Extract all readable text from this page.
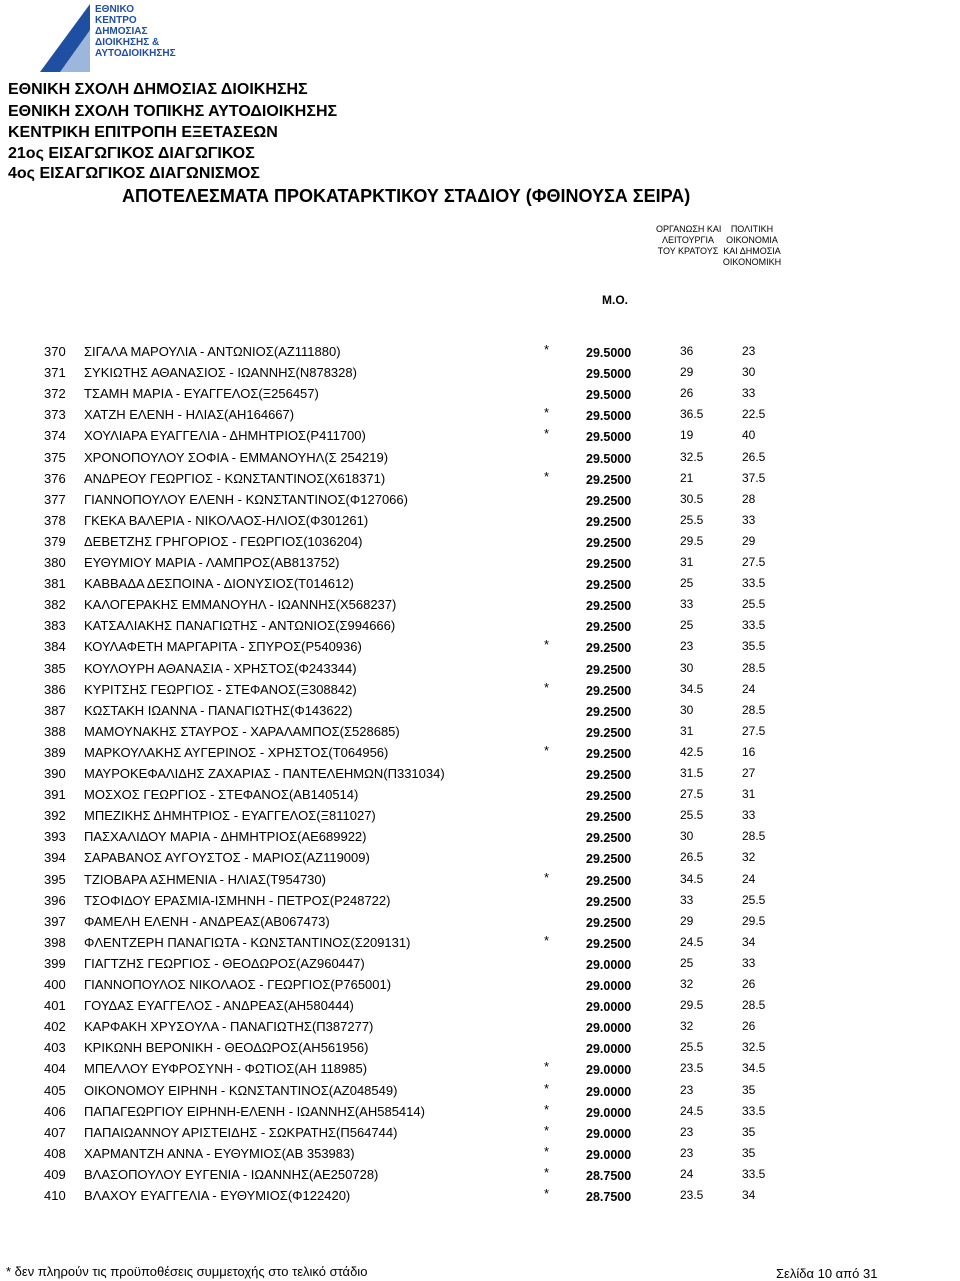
ΕΘΝΙΚΟ
ΚΕΝΤΡΟ
ΔΗΜΟΣΙΑΣ
ΔΙΟΙΚΗΣΗΣ &
ΑΥΤΟΔΙΟΙΚΗΣΗΣ
ΕΘΝΙΚΗ ΣΧΟΛΗ ΔΗΜΟΣΙΑΣ ΔΙΟΙΚΗΣΗΣ
ΕΘΝΙΚΗ ΣΧΟΛΗ ΤΟΠΙΚΗΣ ΑΥΤΟΔΙΟΙΚΗΣΗΣ
ΚΕΝΤΡΙΚΗ ΕΠΙΤΡΟΠΗ ΕΞΕΤΑΣΕΩΝ
21ος ΕΙΣΑΓΩΓΙΚΟΣ ΔΙΑΓΩΓΙΚΟΣ
4ος ΕΙΣΑΓΩΓΙΚΟΣ ΔΙΑΓΩΝΙΣΜΟΣ
ΑΠΟΤΕΛΕΣΜΑΤΑ ΠΡΟΚΑΤΑΡΚΤΙΚΟΥ ΣΤΑΔΙΟΥ (ΦΘΙΝΟΥΣΑ ΣΕΙΡΑ)
ΟΡΓΑΝΩΣΗ ΚΑΙ
ΛΕΙΤΟΥΡΓΙΑ
ΤΟΥ ΚΡΑΤΟΥΣ
ΠΟΛΙΤΙΚΗ
ΟΙΚΟΝΟΜΙΑ
ΚΑΙ ΔΗΜΟΣΙΑ
ΟΙΚΟΝΟΜΙΚΗ
Μ.Ο.
370 ΣΙΓΑΛΑ ΜΑΡΟΥΛΙΑ - ΑΝΤΩΝΙΟΣ(ΑΖ111880)	*	29.5000	36	23
371 ΣΥΚΙΩΤΗΣ ΑΘΑΝΑΣΙΟΣ - ΙΩΑΝΝΗΣ(Ν878328)	29.5000	29	30
372 ΤΣΑΜΗ ΜΑΡΙΑ - ΕΥΑΓΓΕΛΟΣ(Ξ256457)	29.5000	26	33
373 ΧΑΤΖΗ ΕΛΕΝΗ - ΗΛΙΑΣ(ΑΗ164667)	*	29.5000	36.5	22.5
374 ΧΟΥΛΙΑΡΑ ΕΥΑΓΓΕΛΙΑ - ΔΗΜΗΤΡΙΟΣ(Ρ411700)	*	29.5000	19	40
375 ΧΡΟΝΟΠΟΥΛΟΥ ΣΟΦΙΑ - ΕΜΜΑΝΟΥΗΛ(Σ 254219)	29.5000	32.5	26.5
376 ΑΝΔΡΕΟΥ ΓΕΩΡΓΙΟΣ - ΚΩΝΣΤΑΝΤΙΝΟΣ(Χ618371)	*	29.2500	21	37.5
377 ΓΙΑΝΝΟΠΟΥΛΟΥ ΕΛΕΝΗ - ΚΩΝΣΤΑΝΤΙΝΟΣ(Φ127066)	29.2500	30.5	28
378 ΓΚΕΚΑ ΒΑΛΕΡΙΑ - ΝΙΚΟΛΑΟΣ-ΗΛΙΟΣ(Φ301261)	29.2500	25.5	33
379 ΔΕΒΕΤΖΗΣ ΓΡΗΓΟΡΙΟΣ - ΓΕΩΡΓΙΟΣ(1036204)	29.2500	29.5	29
380 ΕΥΘΥΜΙΟΥ ΜΑΡΙΑ - ΛΑΜΠΡΟΣ(ΑΒ813752)	29.2500	31	27.5
381 ΚΑΒΒΑΔΑ ΔΕΣΠΟΙΝΑ - ΔΙΟΝΥΣΙΟΣ(Τ014612)	29.2500	25	33.5
382 ΚΑΛΟΓΕΡΑΚΗΣ ΕΜΜΑΝΟΥΗΛ - ΙΩΑΝΝΗΣ(Χ568237)	29.2500	33	25.5
383 ΚΑΤΣΑΛΙΑΚΗΣ ΠΑΝΑΓΙΩΤΗΣ - ΑΝΤΩΝΙΟΣ(Σ994666)	29.2500	25	33.5
384 ΚΟΥΛΑΦΕΤΗ ΜΑΡΓΑΡΙΤΑ - ΣΠΥΡΟΣ(Ρ540936)	*	29.2500	23	35.5
385 ΚΟΥΛΟΥΡΗ ΑΘΑΝΑΣΙΑ - ΧΡΗΣΤΟΣ(Φ243344)	29.2500	30	28.5
386 ΚΥΡΙΤΣΗΣ ΓΕΩΡΓΙΟΣ - ΣΤΕΦΑΝΟΣ(Ξ308842)	*	29.2500	34.5	24
387 ΚΩΣΤΑΚΗ ΙΩΑΝΝΑ - ΠΑΝΑΓΙΩΤΗΣ(Φ143622)	29.2500	30	28.5
388 ΜΑΜΟΥΝΑΚΗΣ ΣΤΑΥΡΟΣ - ΧΑΡΑΛΑΜΠΟΣ(Σ528685)	29.2500	31	27.5
389 ΜΑΡΚΟΥΛΑΚΗΣ ΑΥΓΕΡΙΝΟΣ - ΧΡΗΣΤΟΣ(Τ064956)	*	29.2500	42.5	16
390 ΜΑΥΡΟΚΕΦΑΛΙΔΗΣ ΖΑΧΑΡΙΑΣ - ΠΑΝΤΕΛΕΗΜΩΝ(Π331034)	29.2500	31.5	27
391 ΜΟΣΧΟΣ ΓΕΩΡΓΙΟΣ - ΣΤΕΦΑΝΟΣ(ΑΒ140514)	29.2500	27.5	31
392 ΜΠΕΖΙΚΗΣ ΔΗΜΗΤΡΙΟΣ - ΕΥΑΓΓΕΛΟΣ(Ξ811027)	29.2500	25.5	33
393 ΠΑΣΧΑΛΙΔΟΥ ΜΑΡΙΑ - ΔΗΜΗΤΡΙΟΣ(ΑΕ689922)	29.2500	30	28.5
394 ΣΑΡΑΒΑΝΟΣ ΑΥΓΟΥΣΤΟΣ - ΜΑΡΙΟΣ(ΑΖ119009)	29.2500	26.5	32
395 ΤΖΙΟΒΑΡΑ ΑΣΗΜΕΝΙΑ - ΗΛΙΑΣ(Τ954730)	*	29.2500	34.5	24
396 ΤΣΟΦΙΔΟΥ ΕΡΑΣΜΙΑ-ΙΣΜΗΝΗ - ΠΕΤΡΟΣ(Ρ248722)	29.2500	33	25.5
397 ΦΑΜΕΛΗ ΕΛΕΝΗ - ΑΝΔΡΕΑΣ(ΑΒ067473)	29.2500	29	29.5
398 ΦΛΕΝΤΖΕΡΗ ΠΑΝΑΓΙΩΤΑ - ΚΩΝΣΤΑΝΤΙΝΟΣ(Σ209131)	*	29.2500	24.5	34
399 ΓΙΑΓΤΖΗΣ ΓΕΩΡΓΙΟΣ - ΘΕΟΔΩΡΟΣ(ΑΖ960447)	29.0000	25	33
400 ΓΙΑΝΝΟΠΟΥΛΟΣ ΝΙΚΟΛΑΟΣ - ΓΕΩΡΓΙΟΣ(Ρ765001)	29.0000	32	26
401 ΓΟΥΔΑΣ ΕΥΑΓΓΕΛΟΣ - ΑΝΔΡΕΑΣ(ΑΗ580444)	29.0000	29.5	28.5
402 ΚΑΡΦΑΚΗ ΧΡΥΣΟΥΛΑ - ΠΑΝΑΓΙΩΤΗΣ(Π387277)	29.0000	32	26
403 ΚΡΙΚΩΝΗ ΒΕΡΟΝΙΚΗ - ΘΕΟΔΩΡΟΣ(ΑΗ561956)	29.0000	25.5	32.5
404 ΜΠΕΛΛΟΥ ΕΥΦΡΟΣΥΝΗ - ΦΩΤΙΟΣ(ΑΗ 118985)	*	29.0000	23.5	34.5
405 ΟΙΚΟΝΟΜΟΥ ΕΙΡΗΝΗ - ΚΩΝΣΤΑΝΤΙΝΟΣ(ΑΖ048549)	*	29.0000	23	35
406 ΠΑΠΑΓΕΩΡΓΙΟΥ ΕΙΡΗΝΗ-ΕΛΕΝΗ - ΙΩΑΝΝΗΣ(ΑΗ585414)	*	29.0000	24.5	33.5
407 ΠΑΠΑΙΩΑΝΝΟΥ ΑΡΙΣΤΕΙΔΗΣ - ΣΩΚΡΑΤΗΣ(Π564744)	*	29.0000	23	35
408 ΧΑΡΜΑΝΤΖΗ ΑΝΝΑ - ΕΥΘΥΜΙΟΣ(ΑΒ 353983)	*	29.0000	23	35
409 ΒΛΑΣΟΠΟΥΛΟΥ ΕΥΓΕΝΙΑ - ΙΩΑΝΝΗΣ(ΑΕ250728)	*	28.7500	24	33.5
410 ΒΛΑΧΟΥ ΕΥΑΓΓΕΛΙΑ - ΕΥΘΥΜΙΟΣ(Φ122420)	*	28.7500	23.5	34
* δεν πληρούν τις προϋποθέσεις συμμετοχής στο τελικό στάδιο	Σελίδα 10 από 31
